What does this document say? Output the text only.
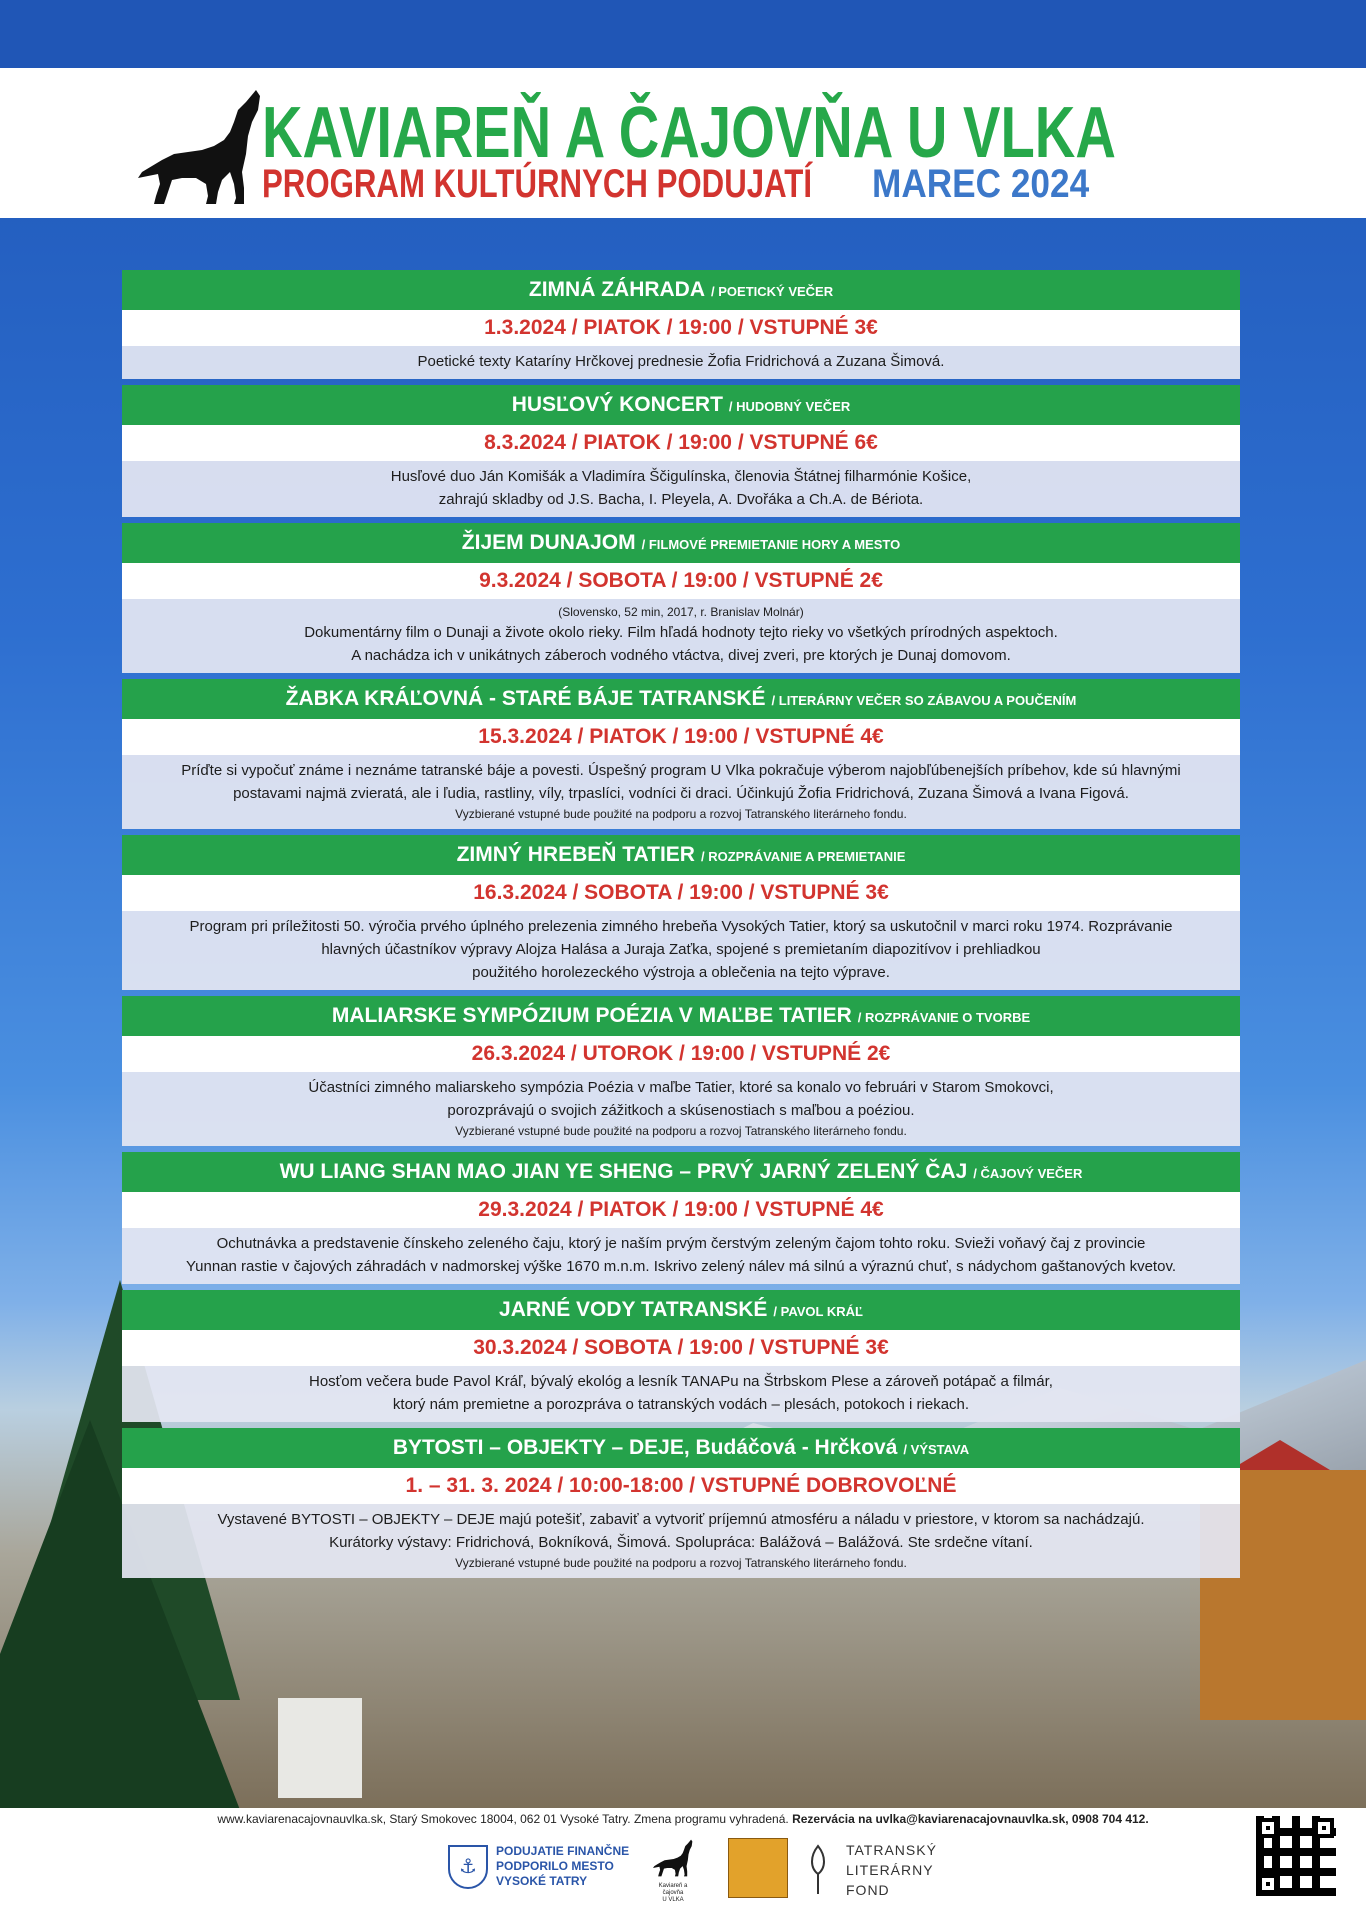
KAVIAREŇ A ČAJOVŇA U VLKA
PROGRAM KULTÚRNYCH PODUJATÍ MAREC 2024
ZIMNÁ ZÁHRADA / POETICKÝ VEČER
1.3.2024 / PIATOK / 19:00 / VSTUPNÉ 3€
Poetické texty Kataríny Hrčkovej prednesie Žofia Fridrichová a Zuzana Šimová.
HUSĽOVÝ KONCERT / HUDOBNÝ VEČER
8.3.2024 / PIATOK / 19:00 / VSTUPNÉ 6€
Husľové duo Ján Komišák a Vladimíra Ščigulínska, členovia Štátnej filharmónie Košice,
zahrajú skladby od J.S. Bacha, I. Pleyela, A. Dvořáka a Ch.A. de Bériota.
ŽIJEM DUNAJOM / FILMOVÉ PREMIETANIE HORY A MESTO
9.3.2024 / SOBOTA / 19:00 / VSTUPNÉ 2€
(Slovensko, 52 min, 2017, r. Branislav Molnár)
Dokumentárny film o Dunaji a živote okolo rieky. Film hľadá hodnoty tejto rieky vo všetkých prírodných aspektoch.
A nachádza ich v unikátnych záberoch vodného vtáctva, divej zveri, pre ktorých je Dunaj domovom.
ŽABKA KRÁĽOVNÁ - STARÉ BÁJE TATRANSKÉ / LITERÁRNY VEČER SO ZÁBAVOU A POUČENÍM
15.3.2024 / PIATOK / 19:00 / VSTUPNÉ 4€
Príďte si vypočuť známe i neznáme tatranské báje a povesti. Úspešný program U Vlka pokračuje výberom najobľúbenejších príbehov, kde sú hlavnými
postavami najmä zvieratá, ale i ľudia, rastliny, víly, trpaslíci, vodníci či draci. Účinkujú Žofia Fridrichová, Zuzana Šimová a Ivana Figová.
Vyzbierané vstupné bude použité na podporu a rozvoj Tatranského literárneho fondu.
ZIMNÝ HREBEŇ TATIER / ROZPRÁVANIE A PREMIETANIE
16.3.2024 / SOBOTA / 19:00 / VSTUPNÉ 3€
Program pri príležitosti 50. výročia prvého úplného prelezenia zimného hrebeňa Vysokých Tatier, ktorý sa uskutočnil v marci roku 1974. Rozprávanie
hlavných účastníkov výpravy Alojza Halása a Juraja Zaťka, spojené s premietaním diapozitívov i prehliadkou
použitého horolezeckého výstroja a oblečenia na tejto výprave.
MALIARSKE SYMPÓZIUM POÉZIA V MAĽBE TATIER / ROZPRÁVANIE O TVORBE
26.3.2024 / UTOROK / 19:00 / VSTUPNÉ 2€
Účastníci zimného maliarskeho sympózia Poézia v maľbe Tatier, ktoré sa konalo vo februári v Starom Smokovci,
porozprávajú o svojich zážitkoch a skúsenostiach s maľbou a poéziou.
Vyzbierané vstupné bude použité na podporu a rozvoj Tatranského literárneho fondu.
WU LIANG SHAN MAO JIAN YE SHENG – PRVÝ JARNÝ ZELENÝ ČAJ / ČAJOVÝ VEČER
29.3.2024 / PIATOK / 19:00 / VSTUPNÉ 4€
Ochutnávka a predstavenie čínskeho zeleného čaju, ktorý je naším prvým čerstvým zeleným čajom tohto roku. Svieži voňavý čaj z provincie
Yunnan rastie v čajových záhradách v nadmorskej výške 1670 m.n.m. Iskrivo zelený nálev má silnú a výraznú chuť, s nádychom gaštanových kvetov.
JARNÉ VODY TATRANSKÉ / PAVOL KRÁĽ
30.3.2024 / SOBOTA / 19:00 / VSTUPNÉ 3€
Hosťom večera bude Pavol Kráľ, bývalý ekológ a lesník TANAPu na Štrbskom Plese a zároveň potápač a filmár,
ktorý nám premietne a porozpráva o tatranských vodách – plesách, potokoch i riekach.
BYTOSTI – OBJEKTY – DEJE, Budáčová - Hrčková / VÝSTAVA
1. – 31. 3. 2024 / 10:00-18:00 / VSTUPNÉ DOBROVOĽNÉ
Vystavené BYTOSTI – OBJEKTY – DEJE majú potešiť, zabaviť a vytvoriť príjemnú atmosféru a náladu v priestore, v ktorom sa nachádzajú.
Kurátorky výstavy: Fridrichová, Bokníková, Šimová. Spolupráca: Balážová – Balážová. Ste srdečne vítaní.
Vyzbierané vstupné bude použité na podporu a rozvoj Tatranského literárneho fondu.
www.kaviarenacajovnauvlka.sk, Starý Smokovec 18004, 062 01 Vysoké Tatry. Zmena programu vyhradená. Rezervácia na uvlka@kaviarenacajovnauvlka.sk, 0908 704 412.
⚓
PODUJATIE FINANČNE
PODPORILO MESTO
VYSOKÉ TATRY	Kaviareň a čajovňa
U VLKA
TATRANSKÝ
LITERÁRNY
FOND
